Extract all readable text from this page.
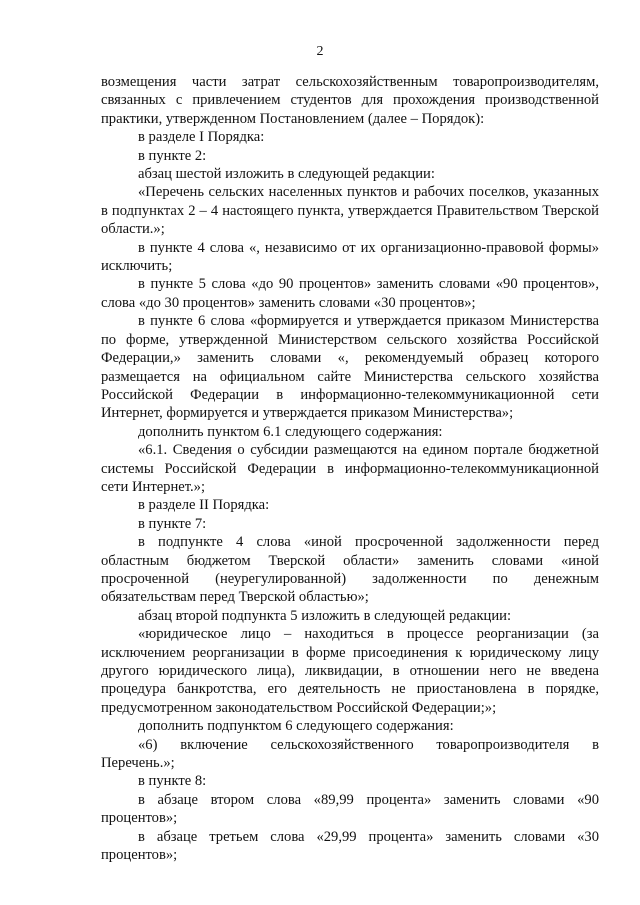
2

возмещения части затрат сельскохозяйственным товаропроизводителям, связанных с привлечением студентов для прохождения производственной практики, утвержденном Постановлением (далее – Порядок):

в разделе I Порядка:

в пункте 2:

абзац шестой изложить в следующей редакции:

«Перечень сельских населенных пунктов и рабочих поселков, указанных в подпунктах 2 – 4 настоящего пункта, утверждается Правительством Тверской области.»;

в пункте 4 слова «, независимо от их организационно-правовой формы» исключить;

в пункте 5 слова «до 90 процентов» заменить словами «90 процентов», слова «до 30 процентов» заменить словами «30 процентов»;

в пункте 6 слова «формируется и утверждается приказом Министерства по форме, утвержденной Министерством сельского хозяйства Российской Федерации,» заменить словами «, рекомендуемый образец которого размещается на официальном сайте Министерства сельского хозяйства Российской Федерации в информационно-телекоммуникационной сети Интернет, формируется и утверждается приказом Министерства»;

дополнить пунктом 6.1 следующего содержания:

«6.1. Сведения о субсидии размещаются на едином портале бюджетной системы Российской Федерации в информационно-телекоммуникационной сети Интернет.»;

в разделе II Порядка:

в пункте 7:

в подпункте 4 слова «иной просроченной задолженности перед областным бюджетом Тверской области» заменить словами «иной просроченной (неурегулированной) задолженности по денежным обязательствам перед Тверской областью»;

абзац второй подпункта 5 изложить в следующей редакции:

«юридическое лицо – находиться в процессе реорганизации (за исключением реорганизации в форме присоединения к юридическому лицу другого юридического лица), ликвидации, в отношении него не введена процедура банкротства, его деятельность не приостановлена в порядке, предусмотренном законодательством Российской Федерации;»;

дополнить подпунктом 6 следующего содержания:

«6) включение сельскохозяйственного товаропроизводителя в Перечень.»;

в пункте 8:

в абзаце втором слова «89,99 процента» заменить словами «90 процентов»;

в абзаце третьем слова «29,99 процента» заменить словами «30 процентов»;
